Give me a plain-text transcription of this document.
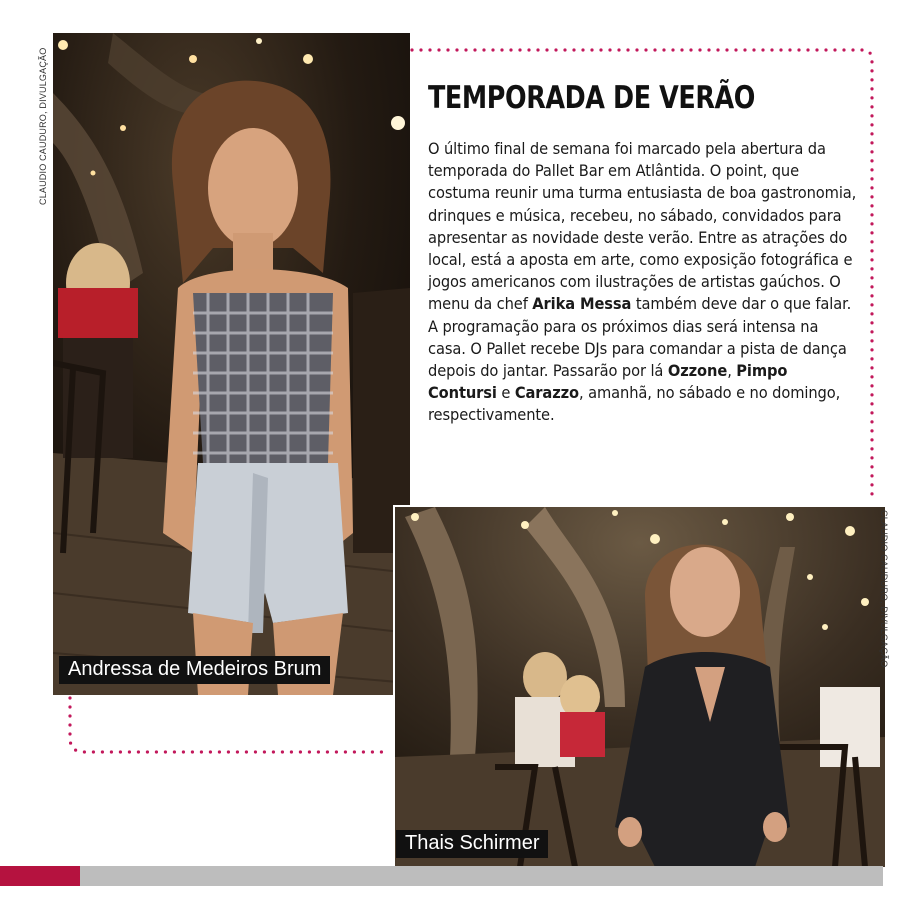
Andressa de Medeiros Brum
Thais Schirmer
CLAUDIO CAUDURO, DIVULGAÇÃO
CLAUDIO CAUDURO, DIVULGAÇÃO
TEMPORADA DE VERÃO
O último final de semana foi marcado pela abertura da temporada do Pallet Bar em Atlântida. O point, que costuma reunir uma turma entusiasta de boa gastronomia, drinques e música, recebeu, no sábado, convidados para apresentar as novidade deste verão. Entre as atrações do local, está a aposta em arte, como exposição fotográfica e jogos americanos com ilustrações de artistas gaúchos. O menu da chef Arika Messa também deve dar o que falar. A programação para os próximos dias será intensa na casa. O Pallet recebe DJs para comandar a pista de dança depois do jantar. Passarão por lá Ozzone, Pimpo Contursi e Carazzo, amanhã, no sábado e no domingo, respectivamente.
